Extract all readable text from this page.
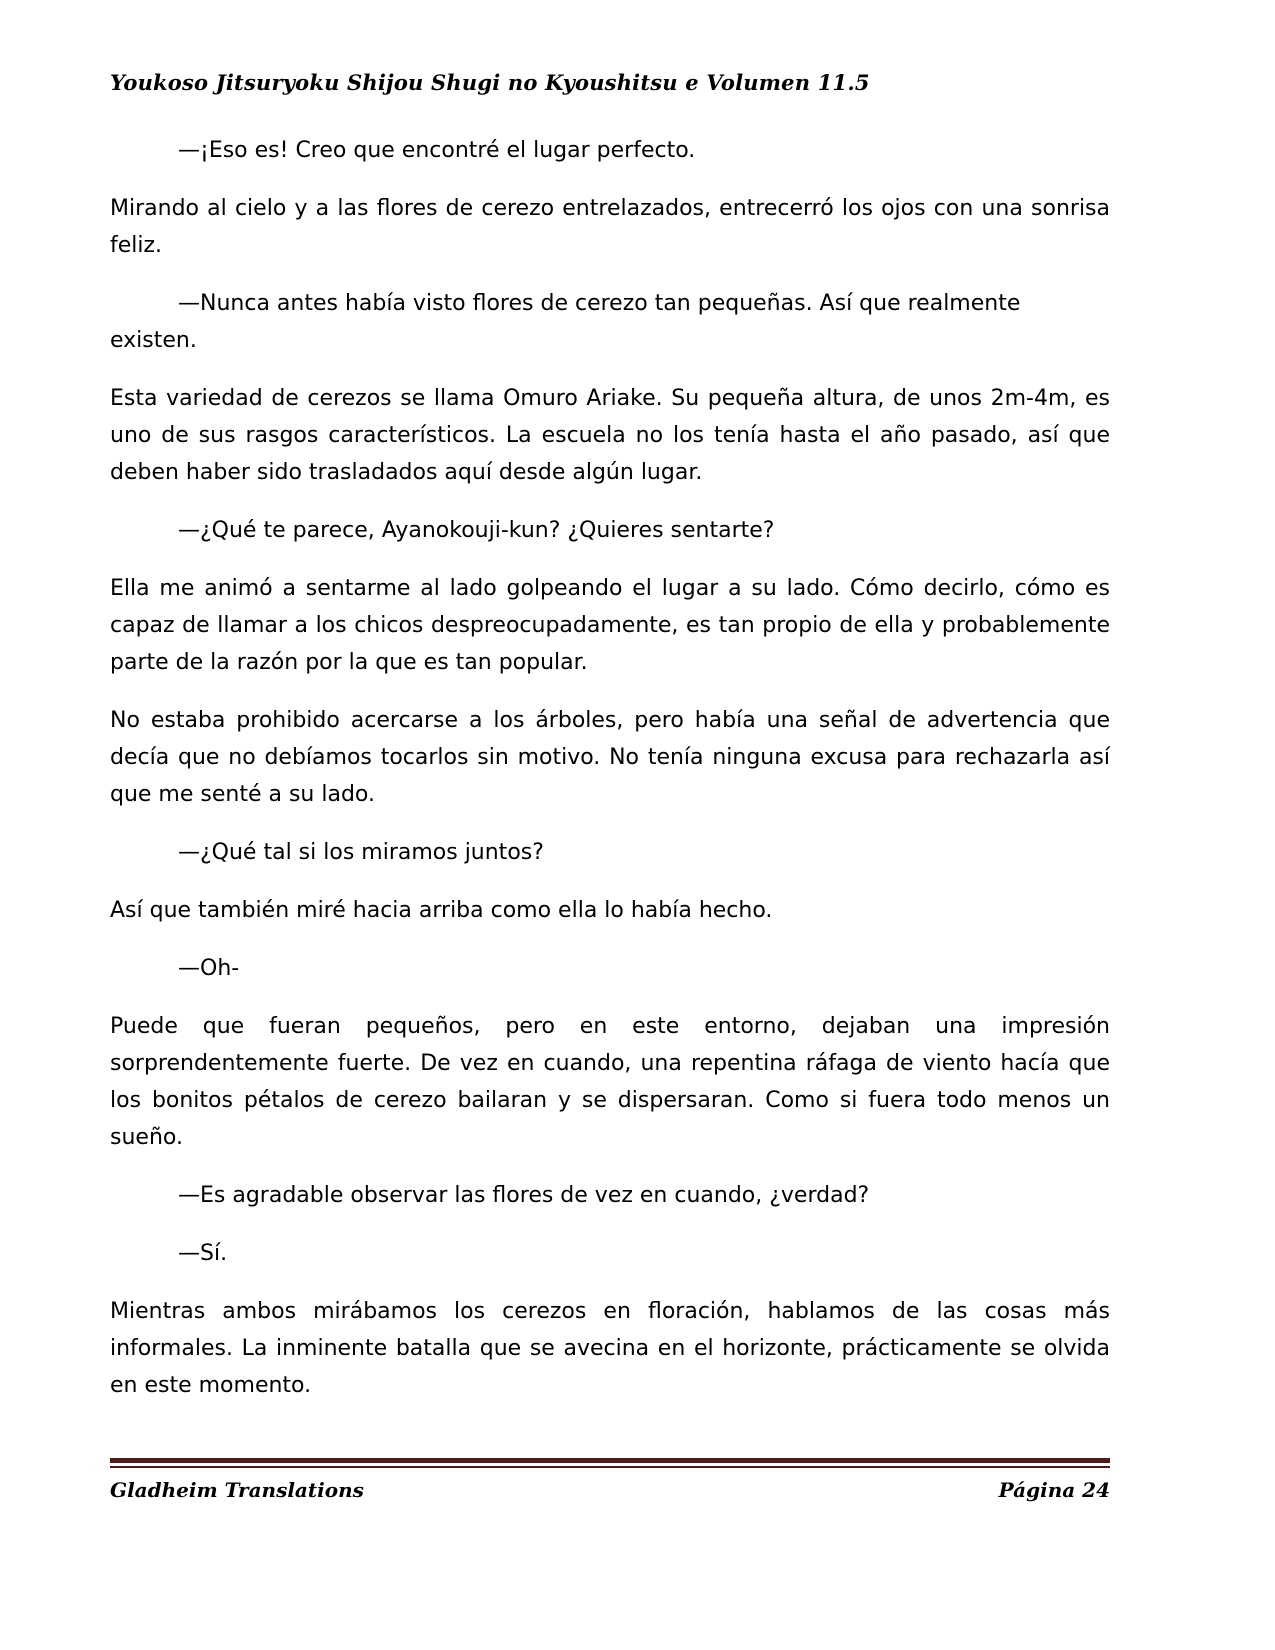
Youkoso Jitsuryoku Shijou Shugi no Kyoushitsu e Volumen 11.5

—¡Eso es! Creo que encontré el lugar perfecto.

Mirando al cielo y a las flores de cerezo entrelazados, entrecerró los ojos con una sonrisa feliz.

—Nunca antes había visto flores de cerezo tan pequeñas. Así que realmente existen.

Esta variedad de cerezos se llama Omuro Ariake. Su pequeña altura, de unos 2m-4m, es uno de sus rasgos característicos. La escuela no los tenía hasta el año pasado, así que deben haber sido trasladados aquí desde algún lugar.

—¿Qué te parece, Ayanokouji-kun? ¿Quieres sentarte?

Ella me animó a sentarme al lado golpeando el lugar a su lado. Cómo decirlo, cómo es capaz de llamar a los chicos despreocupadamente, es tan propio de ella y probablemente parte de la razón por la que es tan popular.

No estaba prohibido acercarse a los árboles, pero había una señal de advertencia que decía que no debíamos tocarlos sin motivo. No tenía ninguna excusa para rechazarla así que me senté a su lado.

—¿Qué tal si los miramos juntos?

Así que también miré hacia arriba como ella lo había hecho.

—Oh-

Puede que fueran pequeños, pero en este entorno, dejaban una impresión sorprendentemente fuerte. De vez en cuando, una repentina ráfaga de viento hacía que los bonitos pétalos de cerezo bailaran y se dispersaran. Como si fuera todo menos un sueño.

—Es agradable observar las flores de vez en cuando, ¿verdad?

—Sí.

Mientras ambos mirábamos los cerezos en floración, hablamos de las cosas más informales. La inminente batalla que se avecina en el horizonte, prácticamente se olvida en este momento.

Gladheim Translations	Página 24
